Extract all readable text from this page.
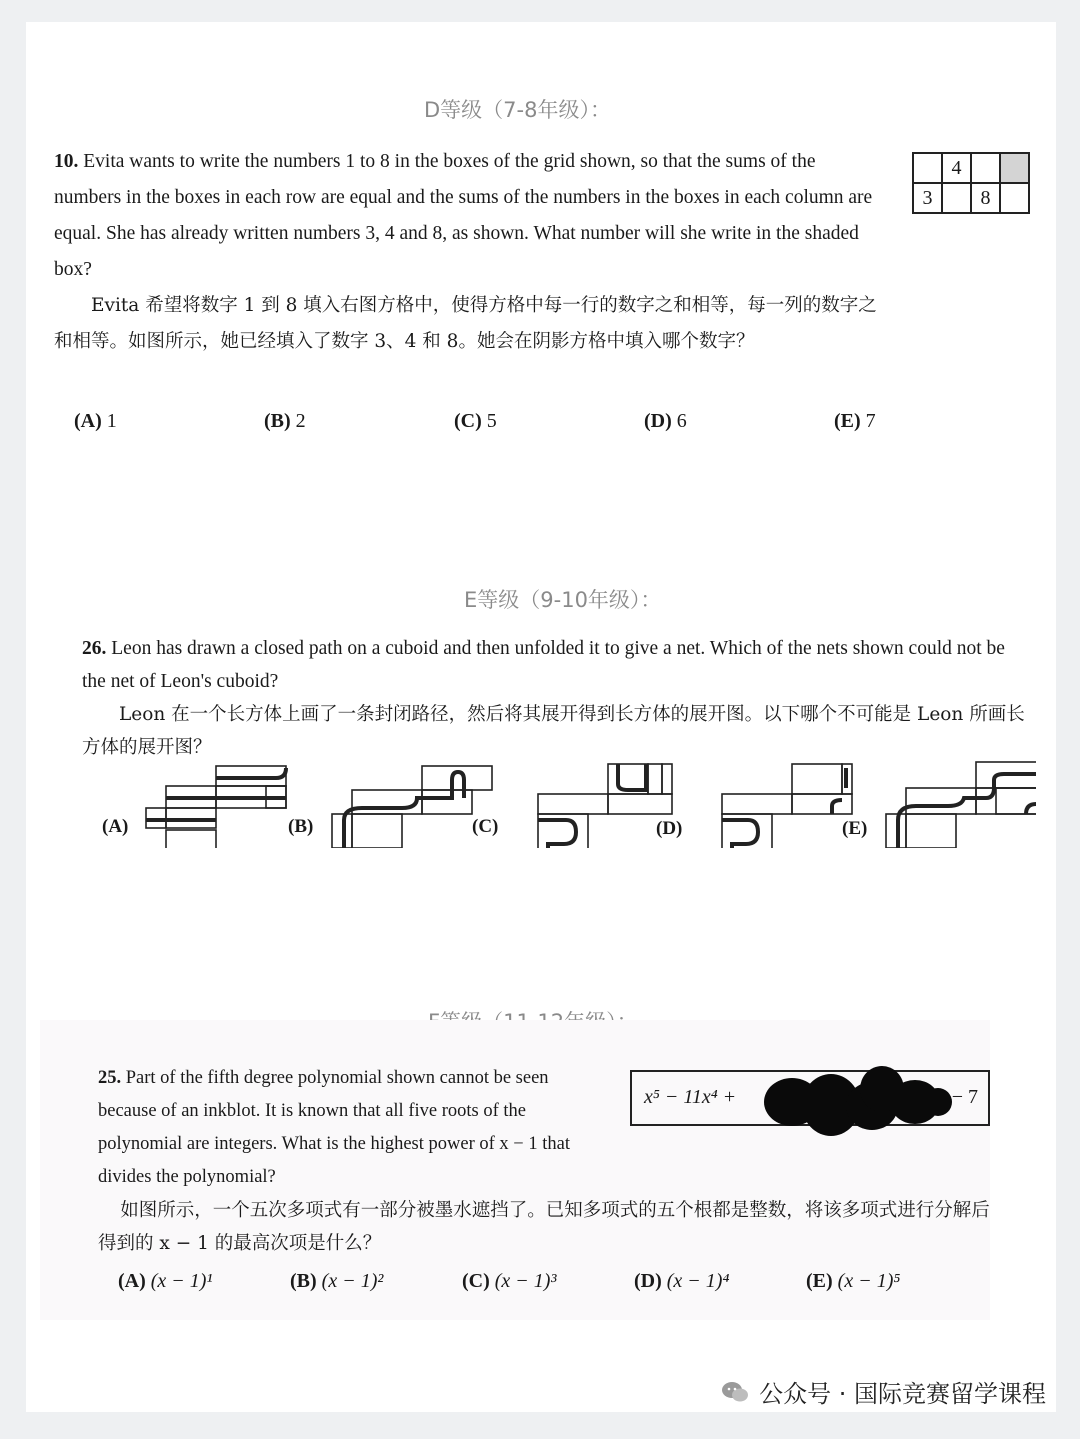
D等级（7-8年级）：

10. Evita wants to write the numbers 1 to 8 in the boxes of the grid shown, so that the sums of the numbers in the boxes in each row are equal and the sums of the numbers in the boxes in each column are equal. She has already written numbers 3, 4 and 8, as shown. What number will she write in the shaded box?

Evita 希望将数字 1 到 8 填入右图方格中，使得方格中每一行的数字之和相等，每一列的数字之和相等。如图所示，她已经填入了数字 3、4 和 8。她会在阴影方格中填入哪个数字？

	4		
3		8	
(A) 1	(B) 2	(C) 5	(D) 6	(E) 7
E等级（9-10年级）：

26. Leon has drawn a closed path on a cuboid and then unfolded it to give a net. Which of the nets shown could not be the net of Leon's cuboid?

Leon 在一个长方体上画了一条封闭路径，然后将其展开得到长方体的展开图。以下哪个不可能是 Leon 所画长方体的展开图？

(A)	(B)	(C)	(D)	(E)

25. Part of the fifth degree polynomial shown cannot be seen because of an inkblot. It is known that all five roots of the polynomial are integers. What is the highest power of x − 1 that divides the polynomial?

如图所示，一个五次多项式有一部分被墨水遮挡了。已知多项式的五个根都是整数，将该多项式进行分解后得到的 x − 1 的最高次项是什么？

x⁵ − 11x⁴ +	− 7
(A) (x − 1)¹	(B) (x − 1)²	(C) (x − 1)³	(D) (x − 1)⁴	(E) (x − 1)⁵
公众号 · 国际竞赛留学课程
